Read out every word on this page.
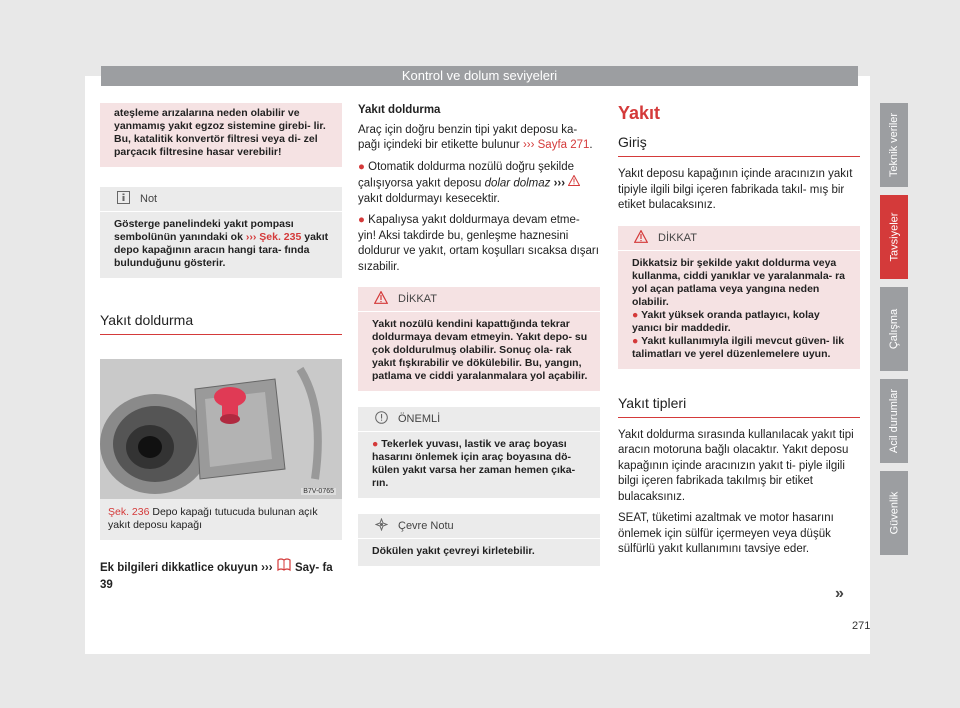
Kontrol ve dolum seviyeleri
ateşleme arızalarına neden olabilir ve yanmamış yakıt egzoz sistemine girebi- lir. Bu, katalitik konvertör filtresi veya di- zel parçacık filtresine hasar verebilir!
Not
Gösterge panelindeki yakıt pompası sembolünün yanındaki ok ››› Şek. 235 yakıt depo kapağının aracın hangi tara- fında bulunduğunu gösterir.
Yakıt doldurma
B7V-0765
Şek. 236 Depo kapağı tutucuda bulunan açık yakıt deposu kapağı

Ek bilgileri dikkatlice okuyun ›››  Say- fa 39

Yakıt doldurma

Araç için doğru benzin tipi yakıt deposu ka- pağı içindeki bir etikette bulunur ››› Sayfa 271.

● Otomatik doldurma nozülü doğru şekilde çalışıyorsa yakıt deposu dolar dolmaz ›››  yakıt doldurmayı kesecektir.

● Kapalıysa yakıt doldurmaya devam etme- yin! Aksi takdirde bu, genleşme haznesini doldurur ve yakıt, ortam koşulları sıcaksa dışarı sızabilir.

DİKKAT
Yakıt nozülü kendini kapattığında tekrar doldurmaya devam etmeyin. Yakıt depo- su çok doldurulmuş olabilir. Sonuç ola- rak yakıt fışkırabilir ve dökülebilir. Bu, yangın, patlama ve ciddi yaralanmalara yol açabilir.
ÖNEMLİ
● Tekerlek yuvası, lastik ve araç boyası hasarını önlemek için araç boyasına dö- külen yakıt varsa her zaman hemen çıka- rın.
Çevre Notu
Dökülen yakıt çevreyi kirletebilir.
Yakıt
Giriş

Yakıt deposu kapağının içinde aracınızın yakıt tipiyle ilgili bilgi içeren fabrikada takıl- mış bir etiket bulacaksınız.

DİKKAT
Dikkatsiz bir şekilde yakıt doldurma veya kullanma, ciddi yanıklar ve yaralanmala- ra yol açan patlama veya yangına neden olabilir.
● Yakıt yüksek oranda patlayıcı, kolay yanıcı bir maddedir.
● Yakıt kullanımıyla ilgili mevcut güven- lik talimatları ve yerel düzenlemelere uyun.
Yakıt tipleri

Yakıt doldurma sırasında kullanılacak yakıt tipi aracın motoruna bağlı olacaktır. Yakıt deposu kapağının içinde aracınızın yakıt ti- piyle ilgili bilgi içeren fabrikada takılmış bir etiket bulacaksınız.

SEAT, tüketimi azaltmak ve motor hasarını önlemek için sülfür içermeyen veya düşük sülfürlü yakıt kullanımını tavsiye eder.

»
Teknik veriler
Tavsiyeler
Çalışma
Acil durumlar
Güvenlik
271
